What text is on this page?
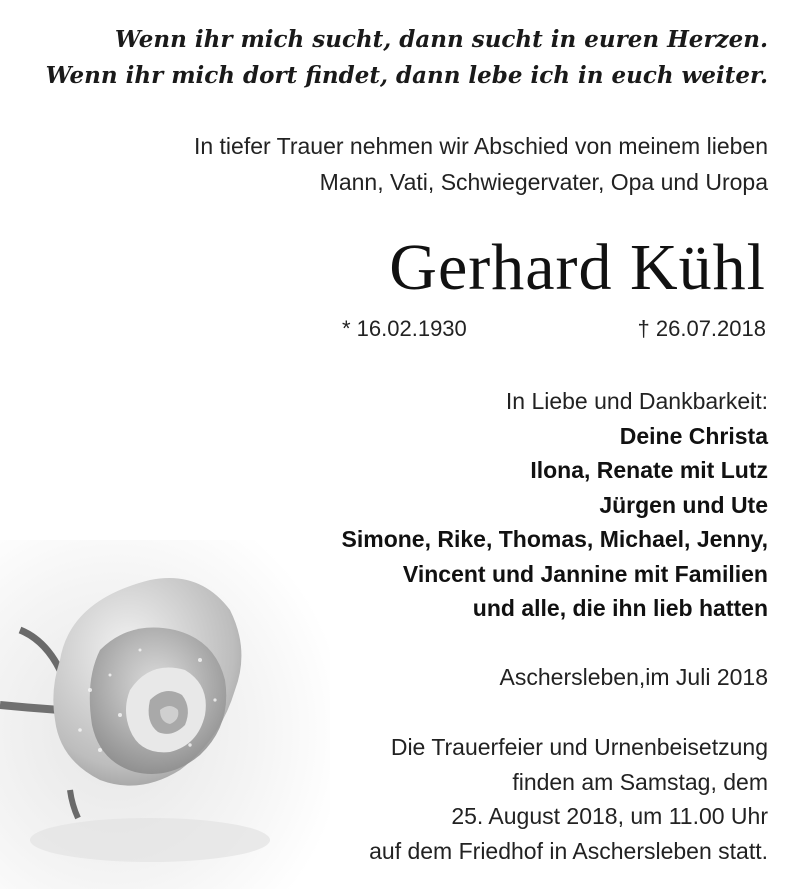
Wenn ihr mich sucht, dann sucht in euren Herzen.
Wenn ihr mich dort findet, dann lebe ich in euch weiter.
In tiefer Trauer nehmen wir Abschied von meinem lieben
Mann, Vati, Schwiegervater, Opa und Uropa
Gerhard Kühl
* 16.02.1930	† 26.07.2018
In Liebe und Dankbarkeit:
Deine Christa
Ilona, Renate mit Lutz
Jürgen und Ute
Simone, Rike, Thomas, Michael, Jenny,
Vincent und Jannine mit Familien
und alle, die ihn lieb hatten
Aschersleben,im Juli 2018
Die Trauerfeier und Urnenbeisetzung
finden am Samstag, dem
25. August 2018, um 11.00 Uhr
auf dem Friedhof in Aschersleben statt.
